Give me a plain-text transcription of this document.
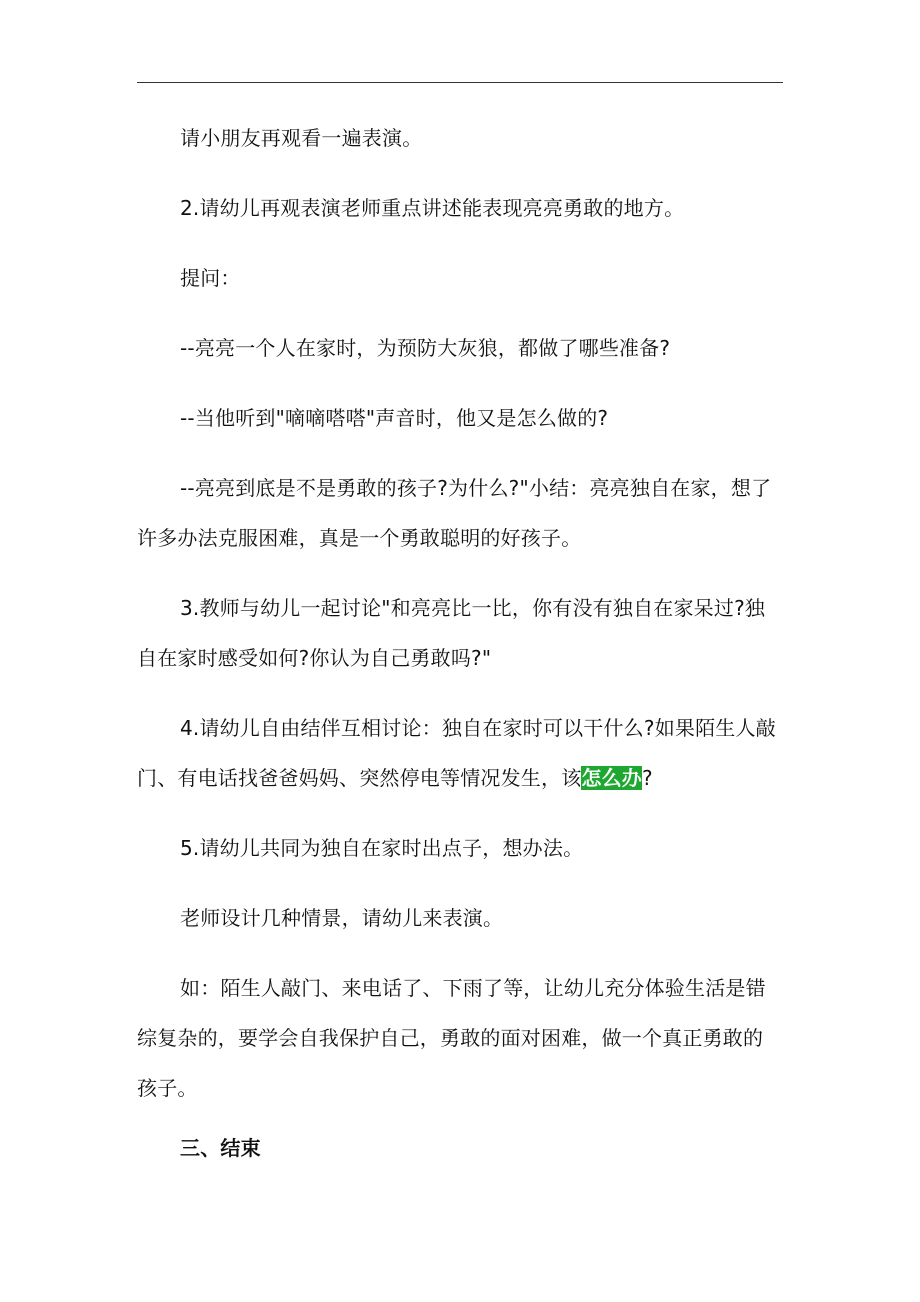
请小朋友再观看一遍表演。

2.请幼儿再观表演老师重点讲述能表现亮亮勇敢的地方。

提问：

--亮亮一个人在家时，为预防大灰狼，都做了哪些准备?

--当他听到"嘀嘀嗒嗒"声音时，他又是怎么做的?

--亮亮到底是不是勇敢的孩子?为什么?"小结：亮亮独自在家，想了许多办法克服困难，真是一个勇敢聪明的好孩子。

3.教师与幼儿一起讨论"和亮亮比一比，你有没有独自在家呆过?独自在家时感受如何?你认为自己勇敢吗?"

4.请幼儿自由结伴互相讨论：独自在家时可以干什么?如果陌生人敲门、有电话找爸爸妈妈、突然停电等情况发生，该怎么办?

5.请幼儿共同为独自在家时出点子，想办法。

老师设计几种情景，请幼儿来表演。

如：陌生人敲门、来电话了、下雨了等，让幼儿充分体验生活是错综复杂的，要学会自我保护自己，勇敢的面对困难，做一个真正勇敢的孩子。

三、结束
